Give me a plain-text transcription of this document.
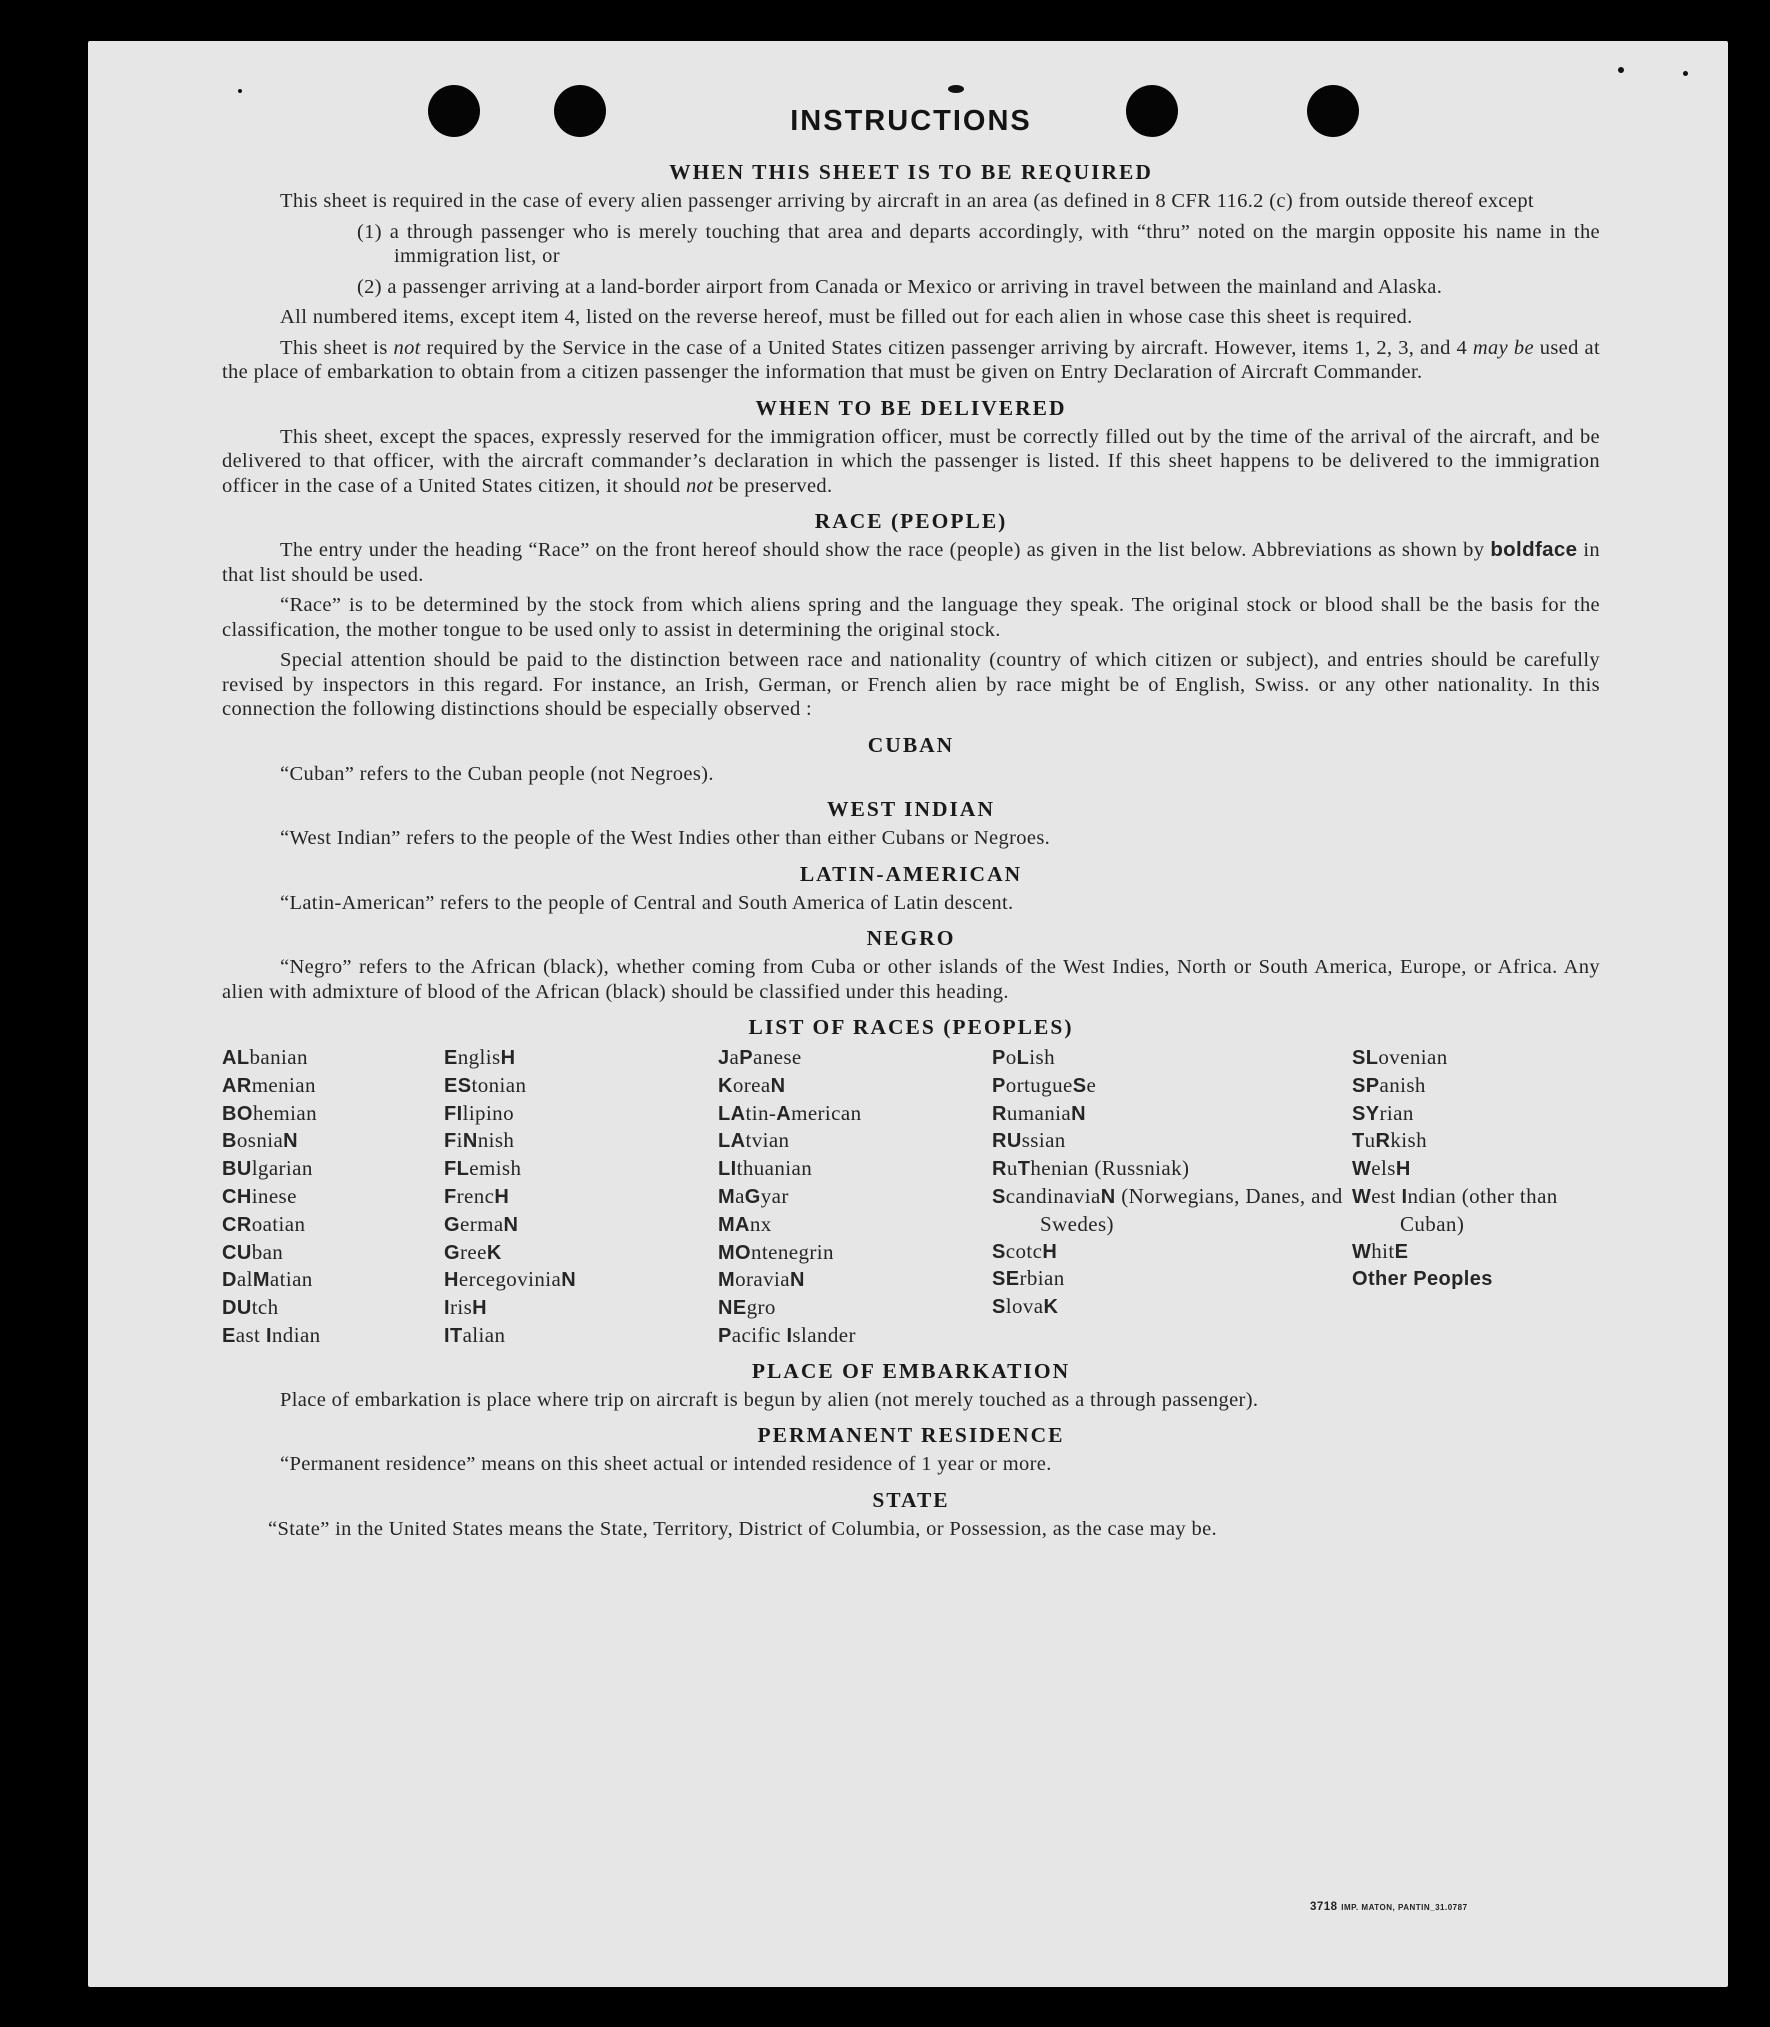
INSTRUCTIONS
WHEN THIS SHEET IS TO BE REQUIRED

This sheet is required in the case of every alien passenger arriving by aircraft in an area (as defined in 8 CFR 116.2 (c) from outside thereof except

(1) a through passenger who is merely touching that area and departs accordingly, with “thru” noted on the margin opposite his name in the immigration list, or

(2) a passenger arriving at a land-border airport from Canada or Mexico or arriving in travel between the mainland and Alaska.

All numbered items, except item 4, listed on the reverse hereof, must be filled out for each alien in whose case this sheet is required.

This sheet is not required by the Service in the case of a United States citizen passenger arriving by aircraft. However, items 1, 2, 3, and 4 may be used at the place of embarkation to obtain from a citizen passenger the information that must be given on Entry Declaration of Aircraft Commander.

WHEN TO BE DELIVERED

This sheet, except the spaces, expressly reserved for the immigration officer, must be correctly filled out by the time of the arrival of the aircraft, and be delivered to that officer, with the aircraft commander’s declaration in which the passenger is listed. If this sheet happens to be delivered to the immigration officer in the case of a United States citizen, it should not be preserved.

RACE (PEOPLE)

The entry under the heading “Race” on the front hereof should show the race (people) as given in the list below. Abbreviations as shown by boldface in that list should be used.

“Race” is to be determined by the stock from which aliens spring and the language they speak. The original stock or blood shall be the basis for the classification, the mother tongue to be used only to assist in determining the original stock.

Special attention should be paid to the distinction between race and nationality (country of which citizen or subject), and entries should be carefully revised by inspectors in this regard. For instance, an Irish, German, or French alien by race might be of English, Swiss. or any other nationality. In this connection the following distinctions should be especially observed :

CUBAN

“Cuban” refers to the Cuban people (not Negroes).

WEST INDIAN

“West Indian” refers to the people of the West Indies other than either Cubans or Negroes.

LATIN-AMERICAN

“Latin-American” refers to the people of Central and South America of Latin descent.

NEGRO

“Negro” refers to the African (black), whether coming from Cuba or other islands of the West Indies, North or South America, Europe, or Africa. Any alien with admixture of blood of the African (black) should be classified under this heading.

LIST OF RACES (PEOPLES)
ALbanian
ARmenian
BOhemian
BosniaN
BUlgarian
CHinese
CRoatian
CUban
DalMatian
DUtch
East Indian
EnglisH
EStonian
FIlipino
FiNnish
FLemish
FrencH
GermaN
GreeK
HercegoviniaN
IrisH
ITalian
JaPanese
KoreaN
LAtin-American
LAtvian
LIthuanian
MaGyar
MAnx
MOntenegrin
MoraviaN
NEgro
Pacific Islander
PoLish
PortugueSe
RumaniaN
RUssian
RuThenian (Russniak)
ScandinaviaN (Norwegians, Danes, and Swedes)
ScotcH
SErbian
SlovaK
SLovenian
SPanish
SYrian
TuRkish
WelsH
West Indian (other than Cuban)
WhitE
Other Peoples
PLACE OF EMBARKATION

Place of embarkation is place where trip on aircraft is begun by alien (not merely touched as a through passenger).

PERMANENT RESIDENCE

“Permanent residence” means on this sheet actual or intended residence of 1 year or more.

STATE

“State” in the United States means the State, Territory, District of Columbia, or Possession, as the case may be.

3718 IMP. MATON, PANTIN_31.0787
